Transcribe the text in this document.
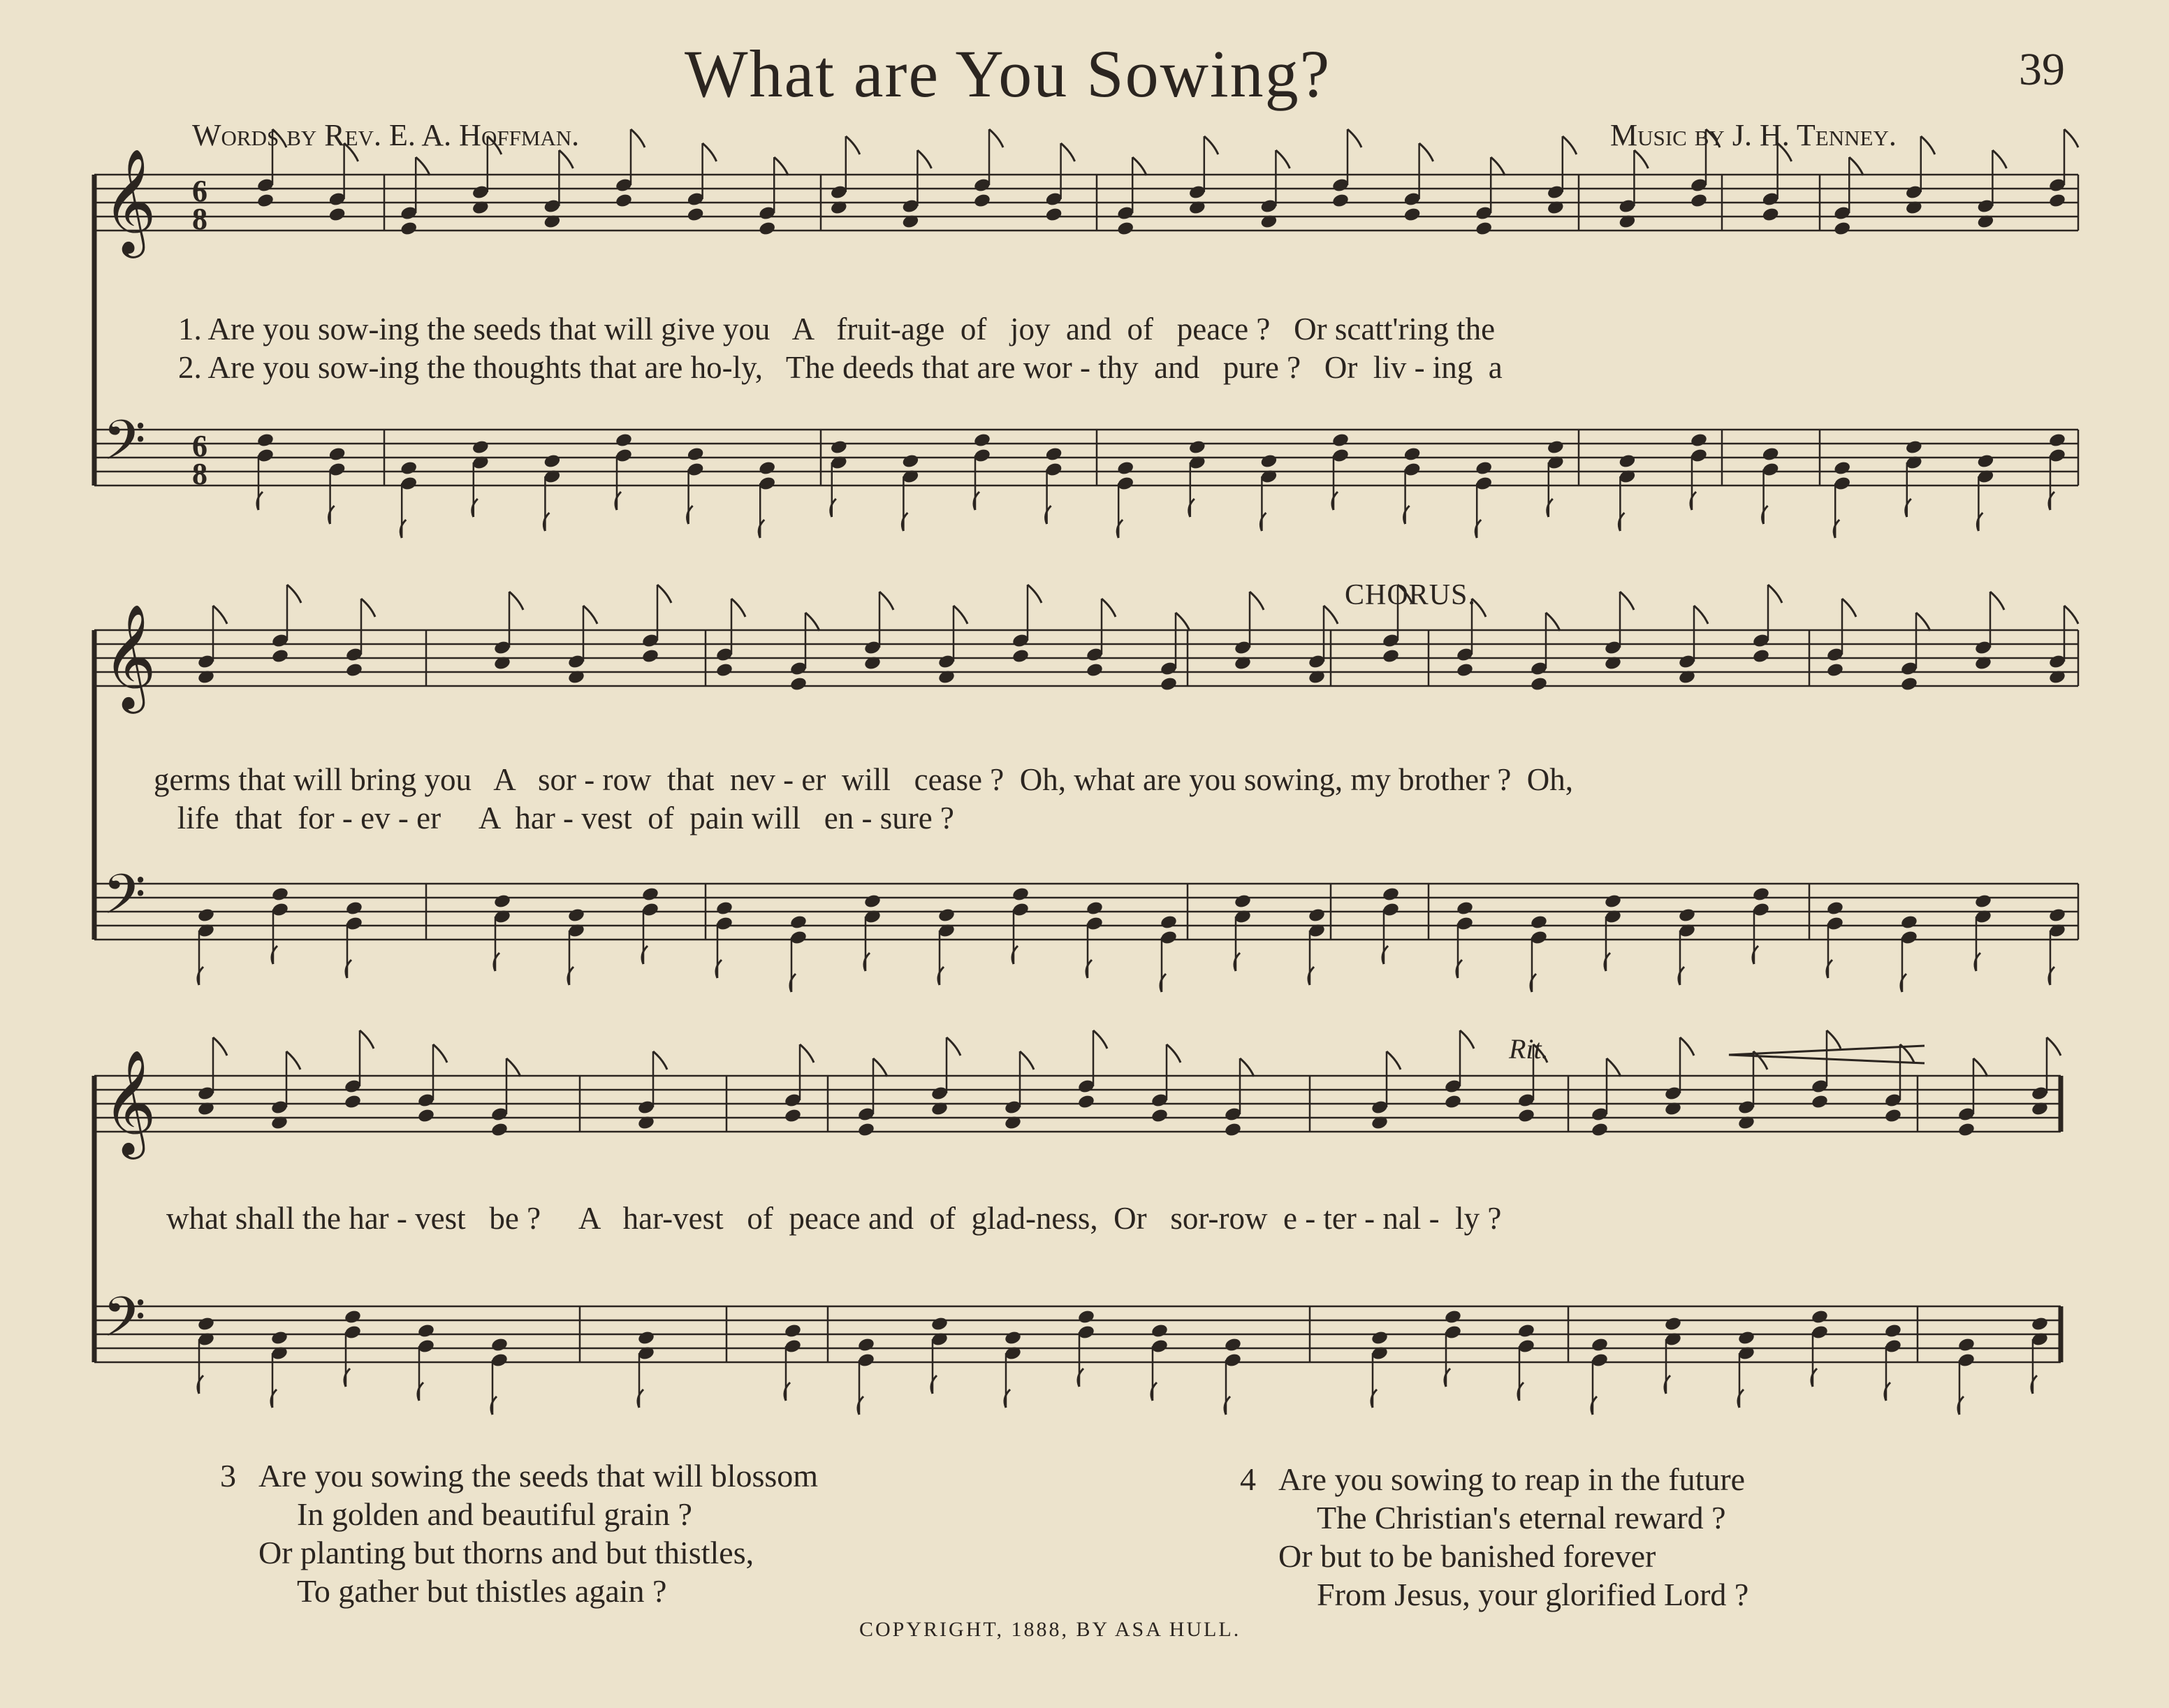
What are You Sowing?	39
Words by Rev. E. A. Hoffman.	Music by J. H. Tenney.
𝄞 6
8
𝄢 6
8
𝄞
𝄢
𝄞
𝄢
1. Are you sow-ing the seeds that will give you   A   fruit-age  of   joy  and  of   peace ?   Or scatt'ring the
2. Are you sow-ing the thoughts that are ho-ly,   The deeds that are wor - thy  and   pure ?   Or  liv - ing  a
CHORUS.
germs that will bring you   A   sor - row  that  nev - er  will   cease ?  Oh, what are you sowing, my brother ?  Oh,
life  that  for - ev - er     A  har - vest  of  pain will   en - sure ?
Rit.
what shall the har - vest   be ?     A   har-vest   of  peace and  of  glad-ness,  Or   sor-row  e - ter - nal -  ly ?
3 Are you sowing the seeds that will blossom
In golden and beautiful grain ?
Or planting but thorns and but thistles,
To gather but thistles again ?
4 Are you sowing to reap in the future
The Christian's eternal reward ?
Or but to be banished forever
From Jesus, your glorified Lord ?
COPYRIGHT, 1888, BY ASA HULL.
